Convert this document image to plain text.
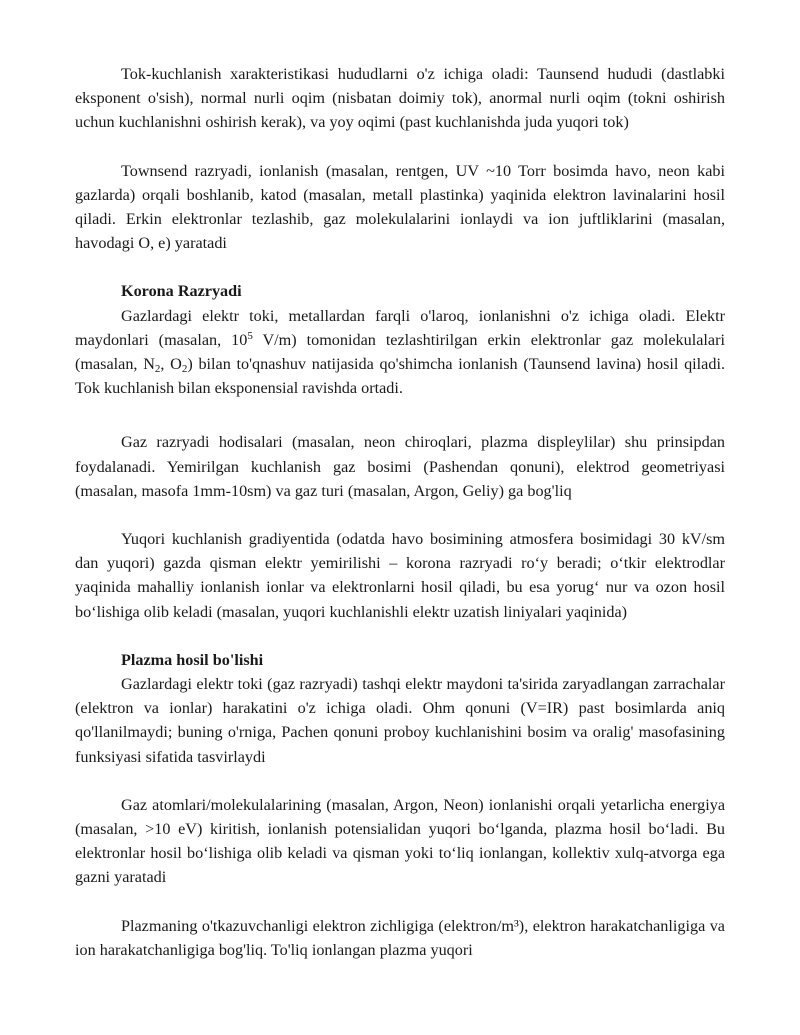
Tok-kuchlanish xarakteristikasi hududlarni o'z ichiga oladi: Taunsend hududi (dastlabki eksponent o'sish), normal nurli oqim (nisbatan doimiy tok), anormal nurli oqim (tokni oshirish uchun kuchlanishni oshirish kerak), va yoy oqimi (past kuchlanishda juda yuqori tok)

Townsend razryadi, ionlanish (masalan, rentgen, UV ~10 Torr bosimda havo, neon kabi gazlarda) orqali boshlanib, katod (masalan, metall plastinka) yaqinida elektron lavinalarini hosil qiladi. Erkin elektronlar tezlashib, gaz molekulalarini ionlaydi va ion juftliklarini (masalan, havodagi O, e) yaratadi

Korona Razryadi

Gazlardagi elektr toki, metallardan farqli o'laroq, ionlanishni o'z ichiga oladi. Elektr maydonlari (masalan, $10^5$ V/m) tomonidan tezlashtirilgan erkin elektronlar gaz molekulalari (masalan, $N_2$, $O_2$) bilan to'qnashuv natijasida qo'shimcha ionlanish (Taunsend lavina) hosil qiladi. Tok kuchlanish bilan eksponensial ravishda ortadi.

Gaz razryadi hodisalari (masalan, neon chiroqlari, plazma displeylilar) shu prinsipdan foydalanadi. Yemirilgan kuchlanish gaz bosimi (Pashendan qonuni), elektrod geometriyasi (masalan, masofa 1mm-10sm) va gaz turi (masalan, Argon, Geliy) ga bog'liq

Yuqori kuchlanish gradiyentida (odatda havo bosimining atmosfera bosimidagi 30 kV/sm dan yuqori) gazda qisman elektr yemirilishi – korona razryadi ro‘y beradi; o‘tkir elektrodlar yaqinida mahalliy ionlanish ionlar va elektronlarni hosil qiladi, bu esa yorug‘ nur va ozon hosil bo‘lishiga olib keladi (masalan, yuqori kuchlanishli elektr uzatish liniyalari yaqinida)

Plazma hosil bo'lishi

Gazlardagi elektr toki (gaz razryadi) tashqi elektr maydoni ta'sirida zaryadlangan zarrachalar (elektron va ionlar) harakatini o'z ichiga oladi. Ohm qonuni (V=IR) past bosimlarda aniq qo'llanilmaydi; buning o'rniga, Pachen qonuni proboy kuchlanishini bosim va oralig' masofasining funksiyasi sifatida tasvirlaydi

Gaz atomlari/molekulalarining (masalan, Argon, Neon) ionlanishi orqali yetarlicha energiya (masalan, >10 eV) kiritish, ionlanish potensialidan yuqori bo‘lganda, plazma hosil bo‘ladi. Bu elektronlar hosil bo‘lishiga olib keladi va qisman yoki to‘liq ionlangan, kollektiv xulq-atvorga ega gazni yaratadi

Plazmaning o'tkazuvchanligi elektron zichligiga (elektron/m³), elektron harakatchanligiga va ion harakatchanligiga bog'liq. To'liq ionlangan plazma yuqori
